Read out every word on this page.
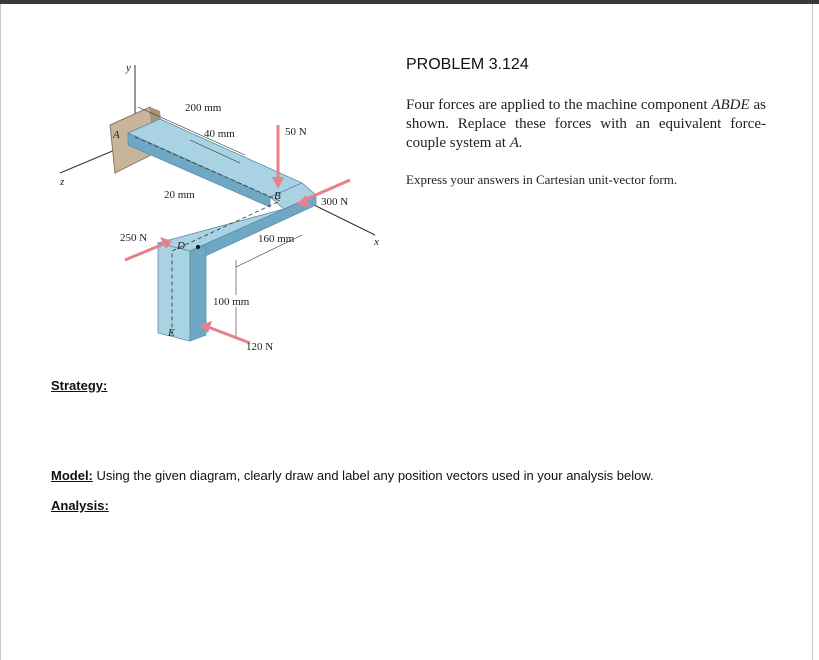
y
z
x
A
B
D
E
200 mm
40 mm
20 mm
160 mm
100 mm
50 N
300 N
250 N
120 N
PROBLEM 3.124
Four forces are applied to the machine component ABDE as shown. Replace these forces with an equivalent force-couple system at A.
Express your answers in Cartesian unit-vector form.
Strategy:
Model: Using the given diagram, clearly draw and label any position vectors used in your analysis below.
Analysis:
